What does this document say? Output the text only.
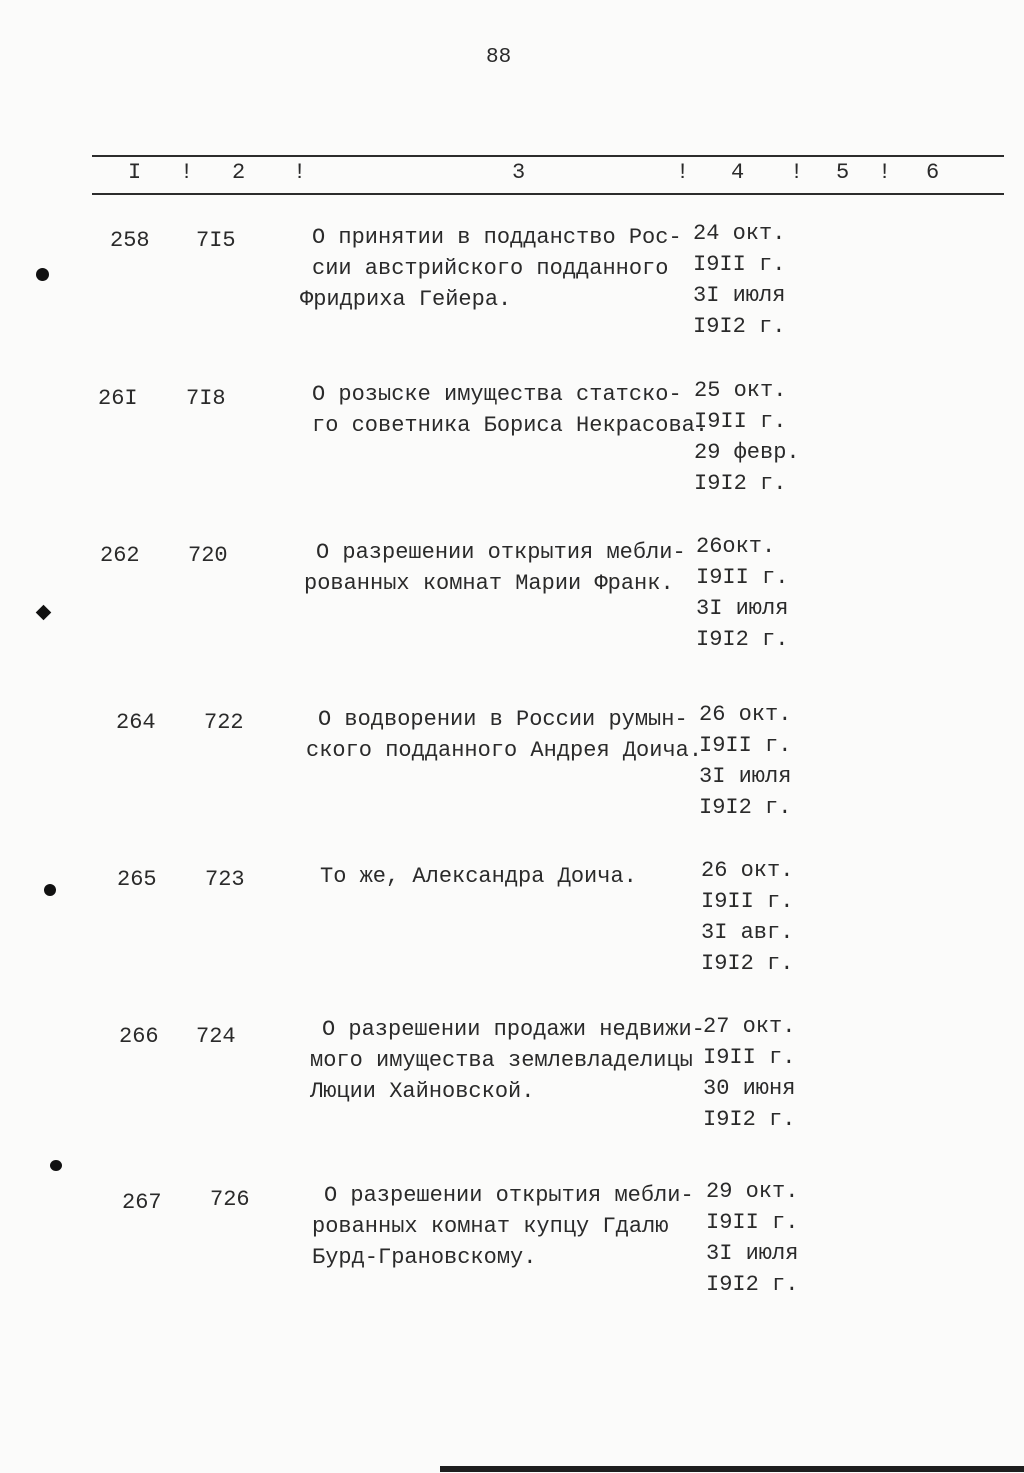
88
I ! 2 !	3	! 4 ! 5 ! 6
258 7I5	О принятии в подданство Рос-
сии австрийского подданного
Фридриха Гейера.
24 окт.
I9II г.
3I июля
I9I2 г.
26I 7I8	О розыске имущества статско-
го советника Бориса Некрасова.
25 окт.
I9II г.
29 февр.
I9I2 г.
262 720	О разрешении открытия мебли-
рованных комнат Марии Франк.
26окт.
I9II г.
3I июля
I9I2 г.
264 722	О водворении в России румын-
ского подданного Андрея Доича.
26 окт.
I9II г.
3I июля
I9I2 г.
265 723	То же, Александра Доича.	26 окт.
I9II г.
3I авг.
I9I2 г.
266 724	О разрешении продажи недвижи-
мого имущества землевладелицы
Люции Хайновской.
27 окт.
I9II г.
30 июня
I9I2 г.
267 726	О разрешении открытия мебли-
рованных комнат купцу Гдалю
Бурд-Грановскому.
29 окт.
I9II г.
3I июля
I9I2 г.
